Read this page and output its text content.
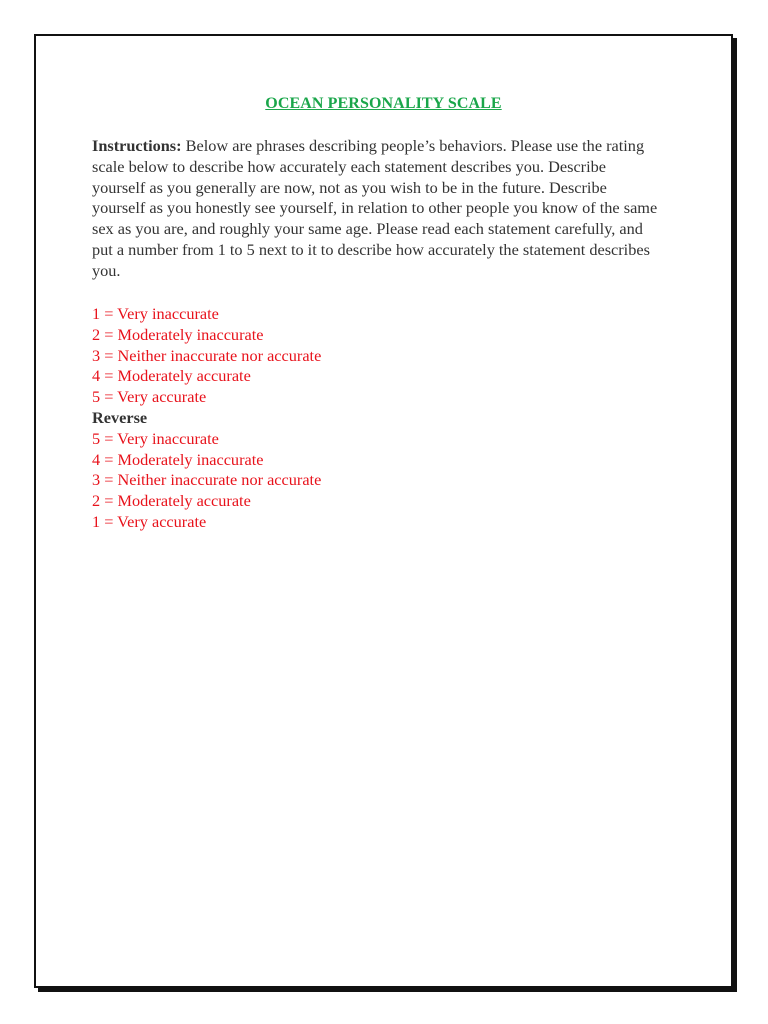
OCEAN PERSONALITY SCALE
Instructions: Below are phrases describing people’s behaviors. Please use the rating scale below to describe how accurately each statement describes you. Describe yourself as you generally are now, not as you wish to be in the future. Describe yourself as you honestly see yourself, in relation to other people you know of the same sex as you are, and roughly your same age. Please read each statement carefully, and put a number from 1 to 5 next to it to describe how accurately the statement describes you.
1 = Very inaccurate
2 = Moderately inaccurate
3 = Neither inaccurate nor accurate
4 = Moderately accurate
5 = Very accurate
Reverse
5 = Very inaccurate
4 = Moderately inaccurate
3 = Neither inaccurate nor accurate
2 = Moderately accurate
1 = Very accurate
